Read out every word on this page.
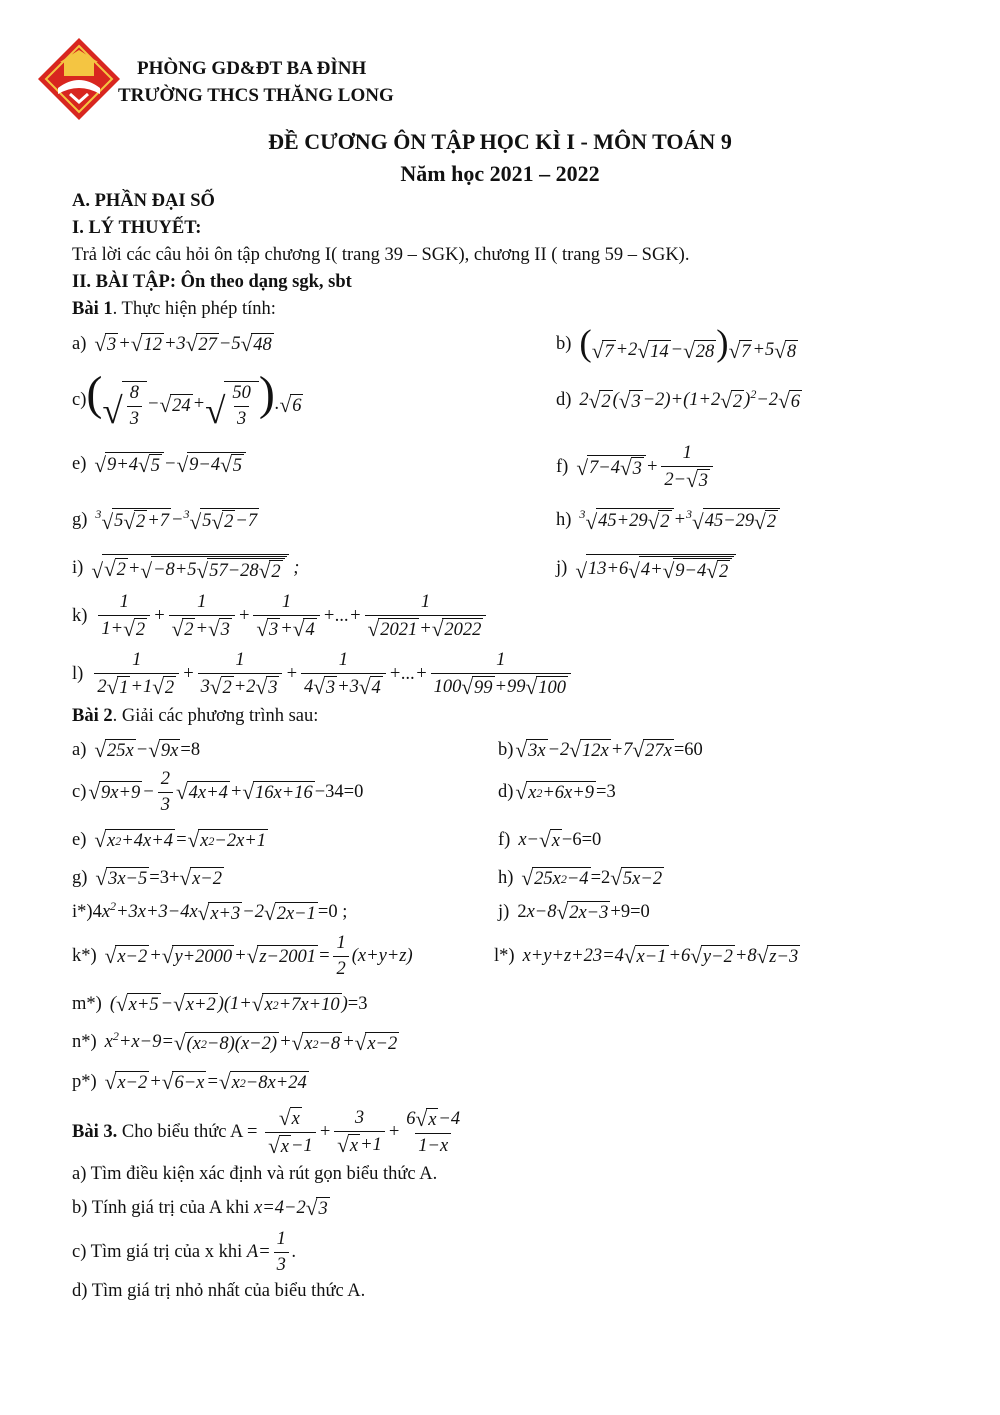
PHÒNG GD&ĐT BA ĐÌNH
TRƯỜNG THCS THĂNG LONG
ĐỀ CƯƠNG ÔN TẬP HỌC KÌ I - MÔN TOÁN 9
Năm học 2021 – 2022
A. PHẦN ĐẠI SỐ
I. LÝ THUYẾT:
Trả lời các câu hỏi ôn tập chương I( trang 39 – SGK), chương II ( trang 59 – SGK).
II. BÀI TẬP: Ôn theo dạng sgk, sbt
Bài 1. Thực hiện phép tính:
a) √ 3 + √ 12 +3 √ 27 −5 √ 48	b) ( √ 7 +2 √ 14 − √ 28 ) √ 7 +5 √ 8
c) ( √ 8
3
− √ 24 + √ 50
3 ). √ 6	d) 2 √ 2 ( √ 3 −2)+(1+2 √ 2 )$^2$−2 √ 6
e) √ 9+4 √ 5 − √ 9−4 √ 5	f) √ 7−4 √ $3 + \frac{1}{2- √ 3}$
g) $^3$ √ 5 √ 2 +7 −$^3$ √ 5 √ 2 −7	h) $^3$ √ 45+29 √ 2 +$^3$ √ 45−29 √ 2
i) √ √ 2 + √ −8+5 √ 57−28 √ 2 ;	j) √ 13+6 √ 4+ √ 9−4 √ 2
$k) \frac{1}{1+ √ 2} + \frac{1}{√ 2 + √ 3} + \frac{1}{√ 3 + √ 4}$ +...+ $\frac{1}{√ 2021 + √ 2022}$
$l) \frac{1}{2 √ 1 +1 √ 2} + \frac{1}{3 √ 2 +2 √ 3} + \frac{1}{4 √ 3 +3 √ 4}$ +...+ $\frac{1}{100 √ 99 +99 √ 100}$
Bài 2. Giải các phương trình sau:
a) √ 25x − √ 9x =8	b) √ 3x −2 √ 12x +7 √ 27x =60
c) √ $9x+9 - \frac{2}{3}$ √ 4x+4 + √ 16x+16 −34=0	d) √ x 2 +6x+9 =3
e) √ x 2 +4x+4 = √ x 2 −2x+1	f) x− √ x −6=0
g) √ 3x−5 =3+ √ x−2	h) √ 25x 2 −4 =2 √ 5x−2
i*) $4x^2+3x+3-4x$ √ x+3 −2 √ 2x−1 =0 ;	j) 2x−8 √ 2x−3 +9=0
k*) √ x−2 + √ y+2000 + √ $z-2001 = \frac{1}{2} (x+y+z)$	l*) x+y+z+23=4 √ x−1 +6 √ y−2 +8 √ z−3
m*) ( √ x+5 − √ x+2 )(1+ √ x 2 +7x+10 )=3
n*) $x^2+x-9=$ √ (x 2 −8)(x−2) + √ x 2 −8 + √ x−2
p*) √ x−2 + √ 6−x = √ x 2 −8x+24
Bài 3.
Cho biểu thức A =
$\frac{√ x}{√ x -1} + \frac{3}{√ x +1} + \frac{6 √ x -4}{1-x}$
a) Tìm điều kiện xác định và rút gọn biểu thức A.
b) Tính giá trị của A khi
x=4−2 √ 3
c) Tìm giá trị của x khi
$A= \frac{1}{3}$ .
d) Tìm giá trị nhỏ nhất của biểu thức A.
